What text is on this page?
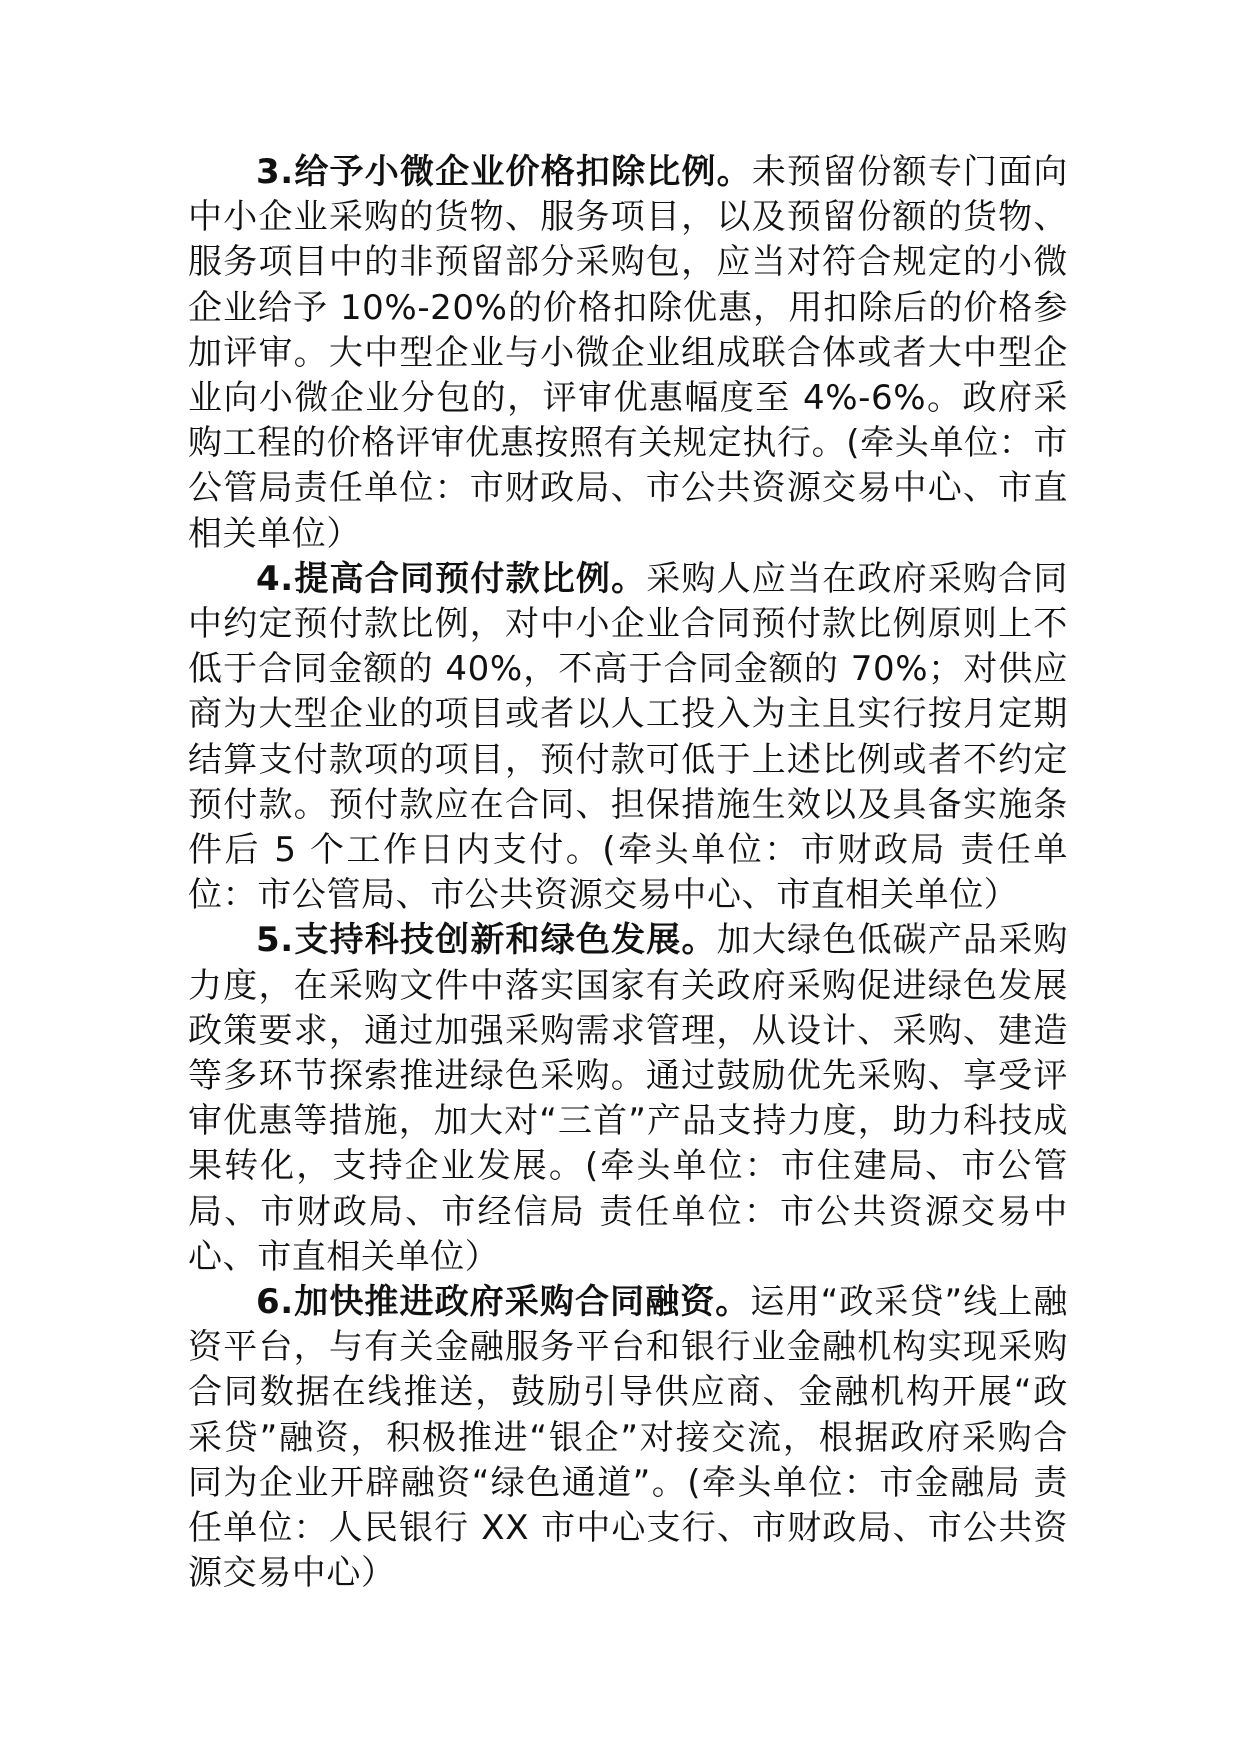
3.给予小微企业价格扣除比例。未预留份额专门面向中小企业采购的货物、服务项目，以及预留份额的货物、服务项目中的非预留部分采购包，应当对符合规定的小微企业给予 10%-20%的价格扣除优惠，用扣除后的价格参加评审。大中型企业与小微企业组成联合体或者大中型企业向小微企业分包的，评审优惠幅度至 4%-6%。政府采购工程的价格评审优惠按照有关规定执行。(牵头单位：市公管局责任单位：市财政局、市公共资源交易中心、市直相关单位）

4.提高合同预付款比例。采购人应当在政府采购合同中约定预付款比例，对中小企业合同预付款比例原则上不低于合同金额的 40%，不高于合同金额的 70%；对供应商为大型企业的项目或者以人工投入为主且实行按月定期结算支付款项的项目，预付款可低于上述比例或者不约定预付款。预付款应在合同、担保措施生效以及具备实施条件后 5 个工作日内支付。(牵头单位：市财政局 责任单位：市公管局、市公共资源交易中心、市直相关单位）

5.支持科技创新和绿色发展。加大绿色低碳产品采购力度，在采购文件中落实国家有关政府采购促进绿色发展政策要求，通过加强采购需求管理，从设计、采购、建造等多环节探索推进绿色采购。通过鼓励优先采购、享受评审优惠等措施，加大对“三首”产品支持力度，助力科技成果转化，支持企业发展。(牵头单位：市住建局、市公管局、市财政局、市经信局 责任单位：市公共资源交易中心、市直相关单位）

6.加快推进政府采购合同融资。运用“政采贷”线上融资平台，与有关金融服务平台和银行业金融机构实现采购合同数据在线推送，鼓励引导供应商、金融机构开展“政采贷”融资，积极推进“银企”对接交流，根据政府采购合同为企业开辟融资“绿色通道”。(牵头单位：市金融局 责任单位：人民银行 XX 市中心支行、市财政局、市公共资源交易中心）
